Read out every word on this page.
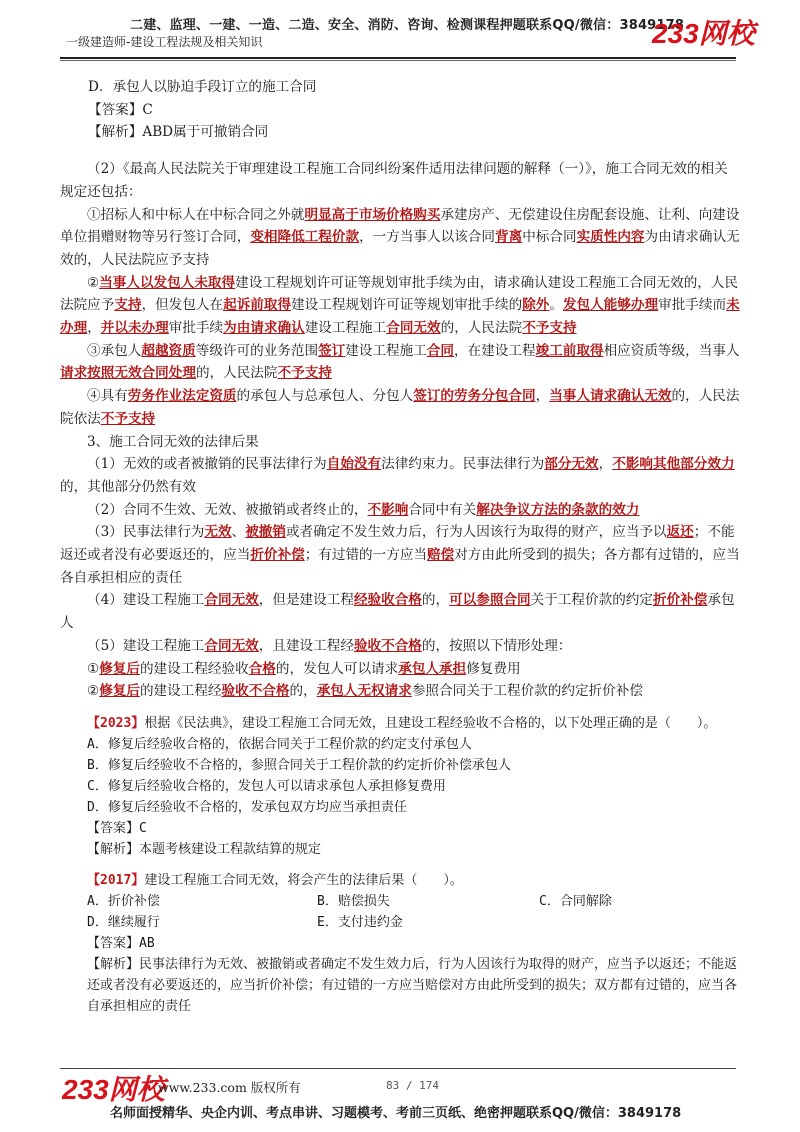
二建、监理、一建、一造、二造、安全、消防、咨询、检测课程押题联系QQ/微信：3849178
一级建造师-建设工程法规及相关知识	233网校

D．承包人以胁迫手段订立的施工合同

【答案】C

【解析】ABD属于可撤销合同

（2）《最高人民法院关于审理建设工程施工合同纠纷案件适用法律问题的解释（一）》，施工合同无效的相关规定还包括：

①招标人和中标人在中标合同之外就明显高于市场价格购买承建房产、无偿建设住房配套设施、让利、向建设单位捐赠财物等另行签订合同，变相降低工程价款，一方当事人以该合同背离中标合同实质性内容为由请求确认无效的，人民法院应予支持

②当事人以发包人未取得建设工程规划许可证等规划审批手续为由，请求确认建设工程施工合同无效的，人民法院应予支持，但发包人在起诉前取得建设工程规划许可证等规划审批手续的除外。发包人能够办理审批手续而未办理，并以未办理审批手续为由请求确认建设工程施工合同无效的，人民法院不予支持

③承包人超越资质等级许可的业务范围签订建设工程施工合同，在建设工程竣工前取得相应资质等级，当事人请求按照无效合同处理的，人民法院不予支持

④具有劳务作业法定资质的承包人与总承包人、分包人签订的劳务分包合同，当事人请求确认无效的，人民法院依法不予支持

3、施工合同无效的法律后果

（1）无效的或者被撤销的民事法律行为自始没有法律约束力。民事法律行为部分无效，不影响其他部分效力的，其他部分仍然有效

（2）合同不生效、无效、被撤销或者终止的，不影响合同中有关解决争议方法的条款的效力

（3）民事法律行为无效、被撤销或者确定不发生效力后，行为人因该行为取得的财产，应当予以返还；不能返还或者没有必要返还的，应当折价补偿；有过错的一方应当赔偿对方由此所受到的损失；各方都有过错的，应当各自承担相应的责任

（4）建设工程施工合同无效，但是建设工程经验收合格的，可以参照合同关于工程价款的约定折价补偿承包人

（5）建设工程施工合同无效，且建设工程经验收不合格的，按照以下情形处理：

①修复后的建设工程经验收合格的，发包人可以请求承包人承担修复费用

②修复后的建设工程经验收不合格的，承包人无权请求参照合同关于工程价款的约定折价补偿

【2023】根据《民法典》，建设工程施工合同无效，且建设工程经验收不合格的，以下处理正确的是（　　）。

A．修复后经验收合格的，依据合同关于工程价款的约定支付承包人

B．修复后经验收不合格的，参照合同关于工程价款的约定折价补偿承包人

C．修复后经验收合格的，发包人可以请求承包人承担修复费用

D．修复后经验收不合格的，发承包双方均应当承担责任

【答案】C

【解析】本题考核建设工程款结算的规定

【2017】建设工程施工合同无效，将会产生的法律后果（　　）。

A．折价补偿	B．赔偿损失	C．合同解除
D．继续履行	E．支付违约金

【答案】AB

【解析】民事法律行为无效、被撤销或者确定不发生效力后，行为人因该行为取得的财产，应当予以返还；不能返还或者没有必要返还的，应当折价补偿；有过错的一方应当赔偿对方由此所受到的损失；双方都有过错的，应当各自承担相应的责任

233网校
www.233.com 版权所有	83 / 174
名师面授精华、央企内训、考点串讲、习题模考、考前三页纸、绝密押题联系QQ/微信：3849178
